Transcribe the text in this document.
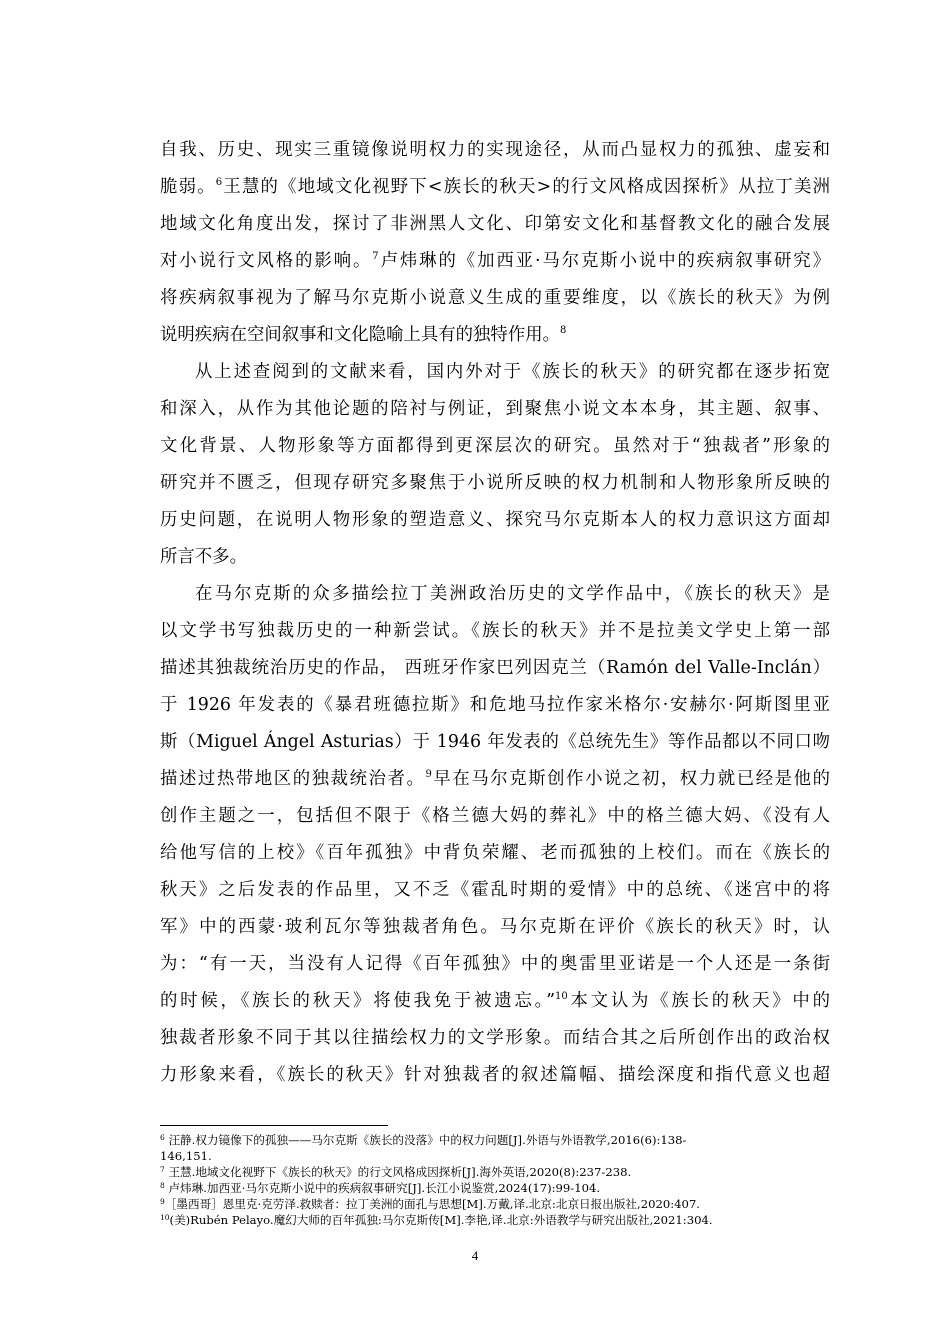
自我、历史、现实三重镜像说明权力的实现途径，从而凸显权力的孤独、虚妄和
脆弱。$^6$王慧的《地域文化视野下<族长的秋天>的行文风格成因探析》从拉丁美洲
地域文化角度出发，探讨了非洲黑人文化、印第安文化和基督教文化的融合发展
对小说行文风格的影响。$^7$卢炜琳的《加西亚·马尔克斯小说中的疾病叙事研究》
将疾病叙事视为了解马尔克斯小说意义生成的重要维度，以《族长的秋天》为例
说明疾病在空间叙事和文化隐喻上具有的独特作用。$^8$
从上述查阅到的文献来看，国内外对于《族长的秋天》的研究都在逐步拓宽
和深入，从作为其他论题的陪衬与例证，到聚焦小说文本本身，其主题、叙事、
文化背景、人物形象等方面都得到更深层次的研究。虽然对于“独裁者”形象的
研究并不匮乏，但现存研究多聚焦于小说所反映的权力机制和人物形象所反映的
历史问题，在说明人物形象的塑造意义、探究马尔克斯本人的权力意识这方面却
所言不多。
在马尔克斯的众多描绘拉丁美洲政治历史的文学作品中，《族长的秋天》是
以文学书写独裁历史的一种新尝试。《族长的秋天》并不是拉美文学史上第一部
描述其独裁统治历史的作品， 西班牙作家巴列因克兰（Ramón del Valle-Inclán）
于 1926 年发表的《暴君班德拉斯》和危地马拉作家米格尔·安赫尔·阿斯图里亚
斯（Miguel Ángel Asturias）于 1946 年发表的《总统先生》等作品都以不同口吻
描述过热带地区的独裁统治者。$^9$早在马尔克斯创作小说之初，权力就已经是他的
创作主题之一，包括但不限于《格兰德大妈的葬礼》中的格兰德大妈、《没有人
给他写信的上校》《百年孤独》中背负荣耀、老而孤独的上校们。而在《族长的
秋天》之后发表的作品里，又不乏《霍乱时期的爱情》中的总统、《迷宫中的将
军》中的西蒙·玻利瓦尔等独裁者角色。马尔克斯在评价《族长的秋天》时，认
为：“有一天，当没有人记得《百年孤独》中的奥雷里亚诺是一个人还是一条街
的时候，《族长的秋天》将使我免于被遗忘。”$^{10}$本文认为《族长的秋天》中的
独裁者形象不同于其以往描绘权力的文学形象。而结合其之后所创作出的政治权
力形象来看，《族长的秋天》针对独裁者的叙述篇幅、描绘深度和指代意义也超
$^6$ 汪静.权力镜像下的孤独——马尔克斯《族长的没落》中的权力问题[J].外语与外语教学,2016(6):138-
146,151.
$^7$ 王慧.地域文化视野下《族长的秋天》的行文风格成因探析[J].海外英语,2020(8):237-238.
$^8$ 卢炜琳.加西亚·马尔克斯小说中的疾病叙事研究[J].长江小说鉴赏,2024(17):99-104.
$^9$［墨西哥］恩里克·克劳泽.救赎者：拉丁美洲的面孔与思想[M].万戴,译.北京:北京日报出版社,2020:407.
$^{10}$(美)Rubén Pelayo.魔幻大师的百年孤独:马尔克斯传[M].李艳,译.北京:外语教学与研究出版社,2021:304.
4
